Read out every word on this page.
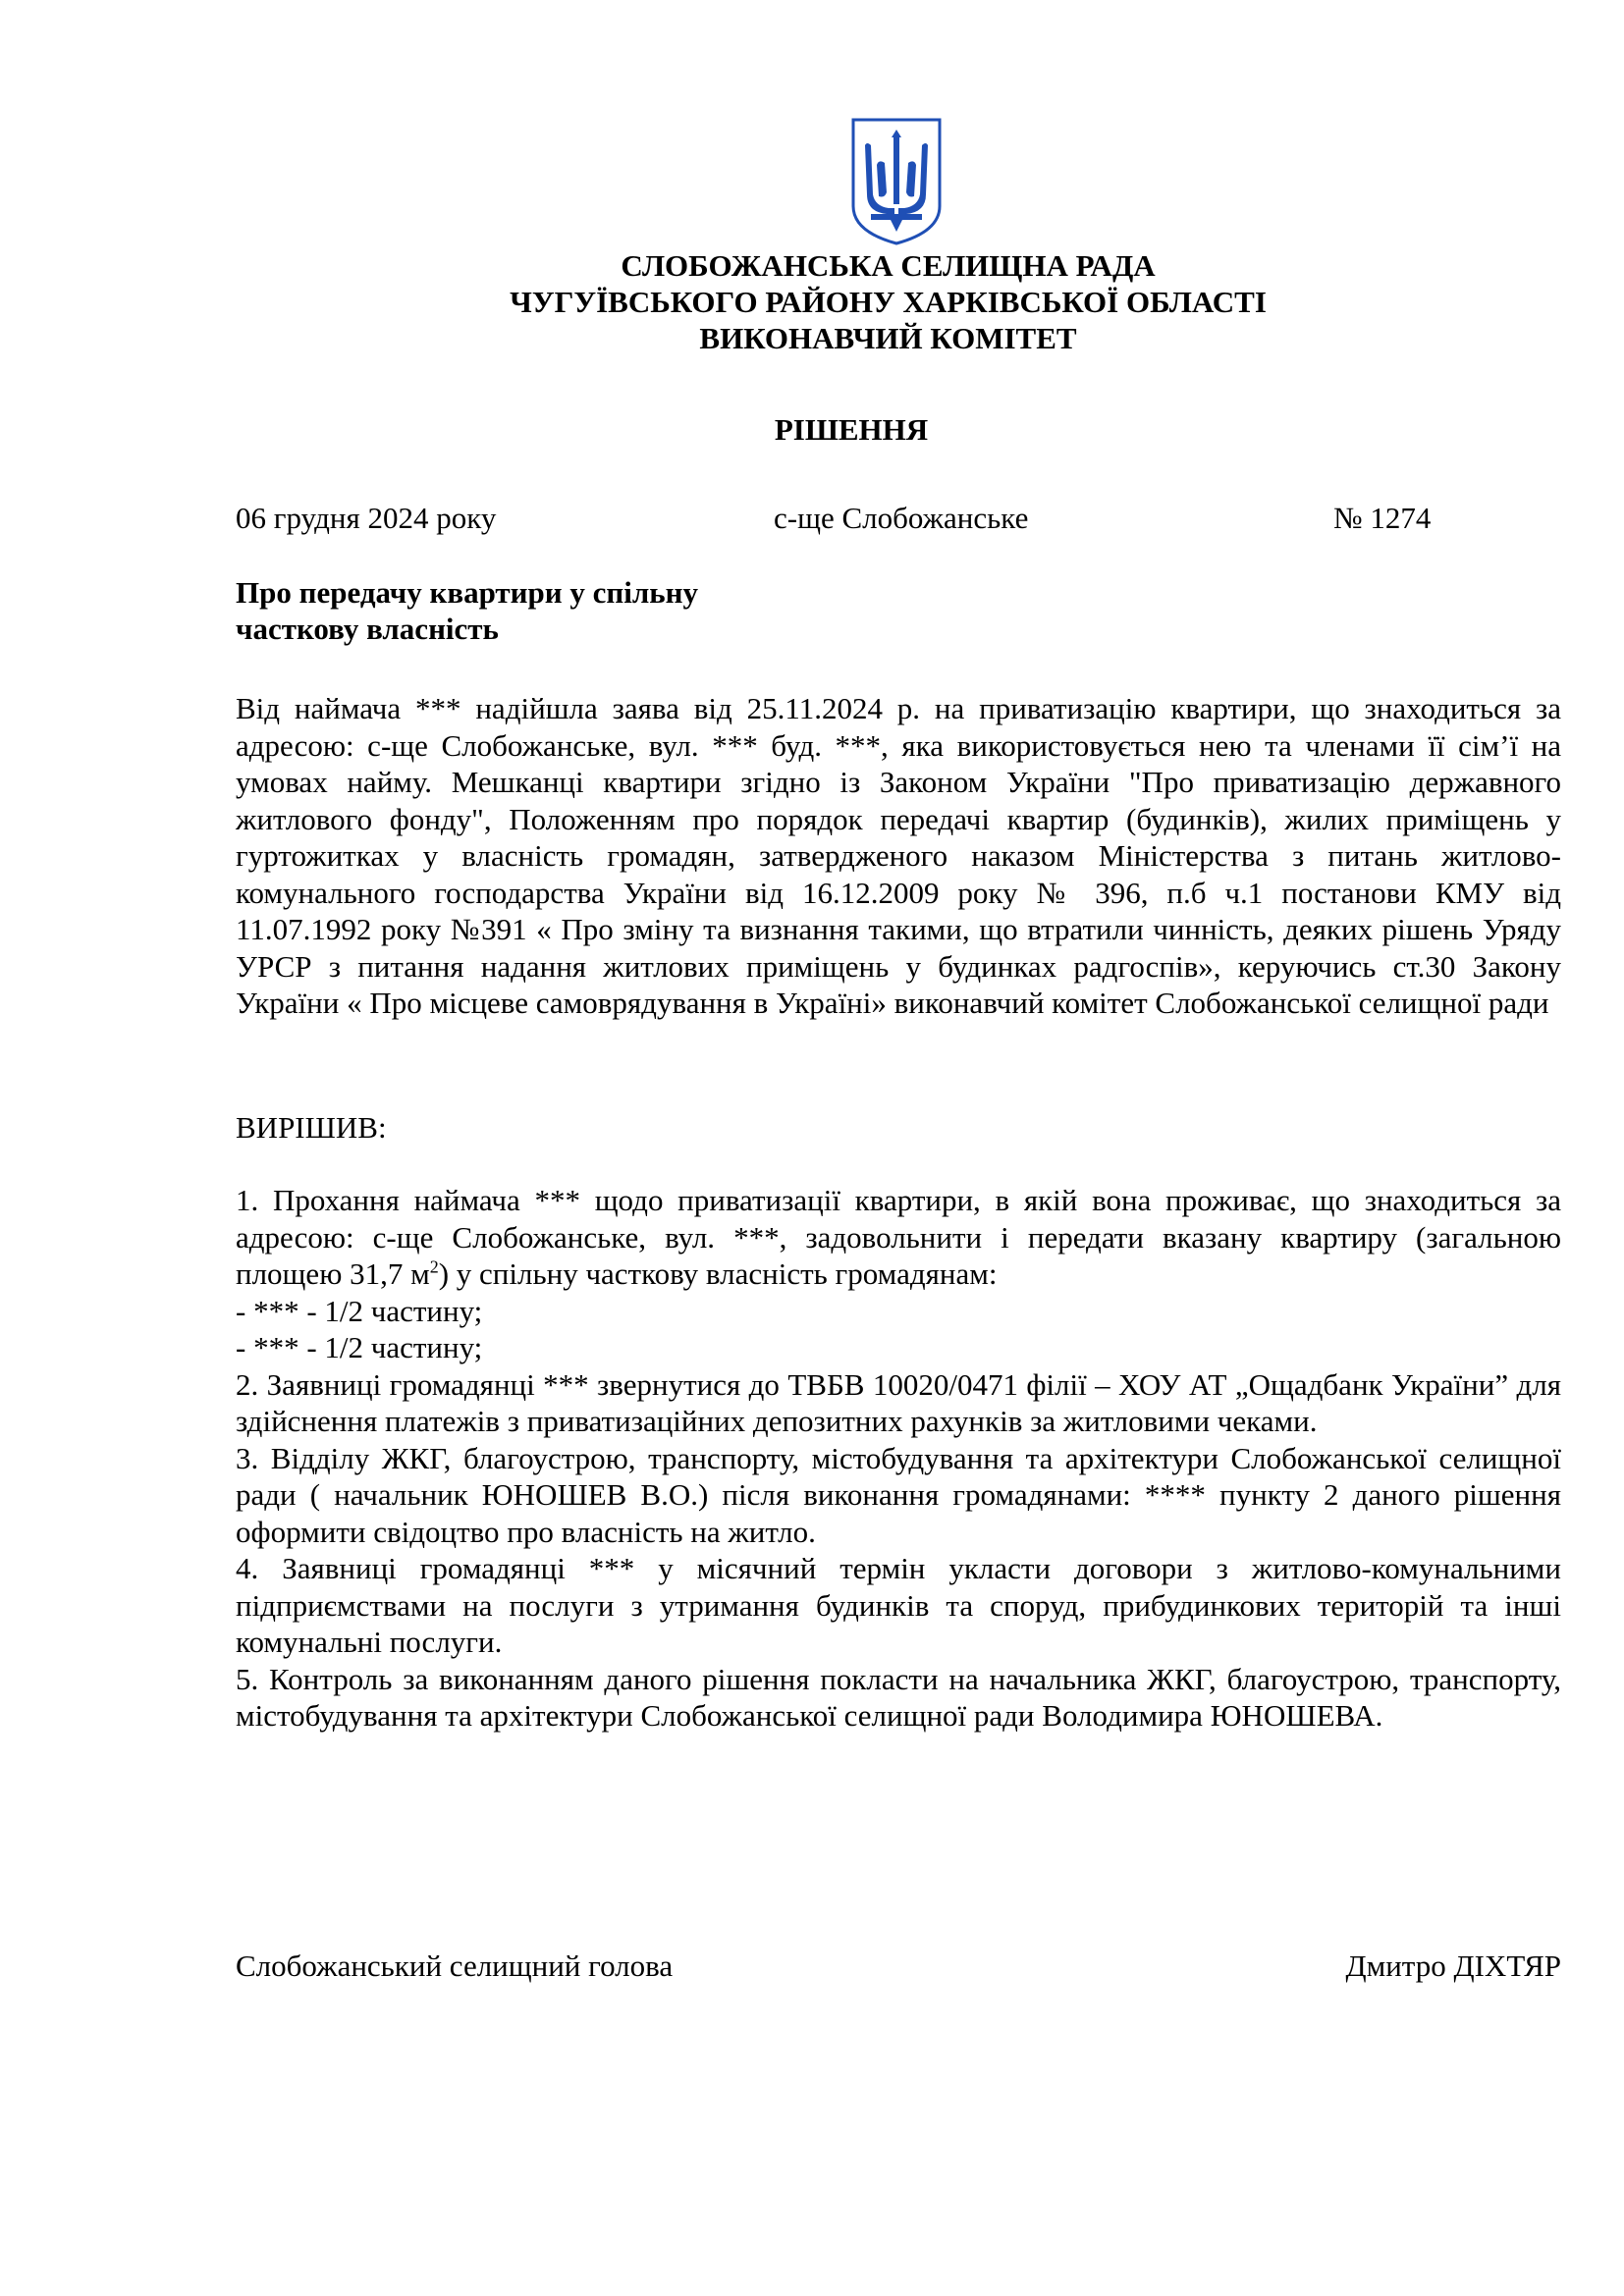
СЛОБОЖАНСЬКА СЕЛИЩНА РАДА
ЧУГУЇВСЬКОГО РАЙОНУ ХАРКІВСЬКОЇ ОБЛАСТІ
ВИКОНАВЧИЙ КОМІТЕТ
РІШЕННЯ
06 грудня 2024 року	с-ще Слобожанське	№ 1274
Про передачу квартири у спільну
часткову власність
Від наймача *** надійшла заява від 25.11.2024 р. на приватизацію квартири, що знаходиться за адресою: с-ще Слобожанське, вул. *** буд. ***, яка використовується нею та членами її сім’ї на умовах найму. Мешканці квартири згідно із Законом України "Про приватизацію державного житлового фонду", Положенням про порядок передачі квартир (будинків), жилих приміщень у гуртожитках у власність громадян, затвердженого наказом Міністерства з питань житлово-комунального господарства України від 16.12.2009 року № 396, п.б ч.1 постанови КМУ від 11.07.1992 року №391 « Про зміну та визнання такими, що втратили чинність, деяких рішень Уряду УРСР з питання надання житлових приміщень у будинках радгоспів», керуючись ст.30 Закону України « Про місцеве самоврядування в Україні» виконавчий комітет Слобожанської селищної ради
ВИРІШИВ:

1. Прохання наймача *** щодо приватизації квартири, в якій вона проживає, що знаходиться за адресою: с-ще Слобожанське, вул. ***, задовольнити і передати вказану квартиру (загальною площею 31,7 $м^2$) у спільну часткову власність громадянам:

- *** - 1/2 частину;

- *** - 1/2 частину;

2. Заявниці громадянці *** звернутися до ТВБВ 10020/0471 філії – ХОУ АТ „Ощадбанк України” для здійснення платежів з приватизаційних депозитних рахунків за житловими чеками.

3. Відділу ЖКГ, благоустрою, транспорту, містобудування та архітектури Слобожанської селищної ради ( начальник ЮНОШЕВ В.О.) після виконання громадянами: **** пункту 2 даного рішення оформити свідоцтво про власність на житло.

4. Заявниці громадянці *** у місячний термін укласти договори з житлово-комунальними підприємствами на послуги з утримання будинків та споруд, прибудинкових територій та інші комунальні послуги.

5. Контроль за виконанням даного рішення покласти на начальника ЖКГ, благоустрою, транспорту, містобудування та архітектури Слобожанської селищної ради Володимира ЮНОШЕВА.

Слобожанський селищний голова	Дмитро ДІХТЯР
